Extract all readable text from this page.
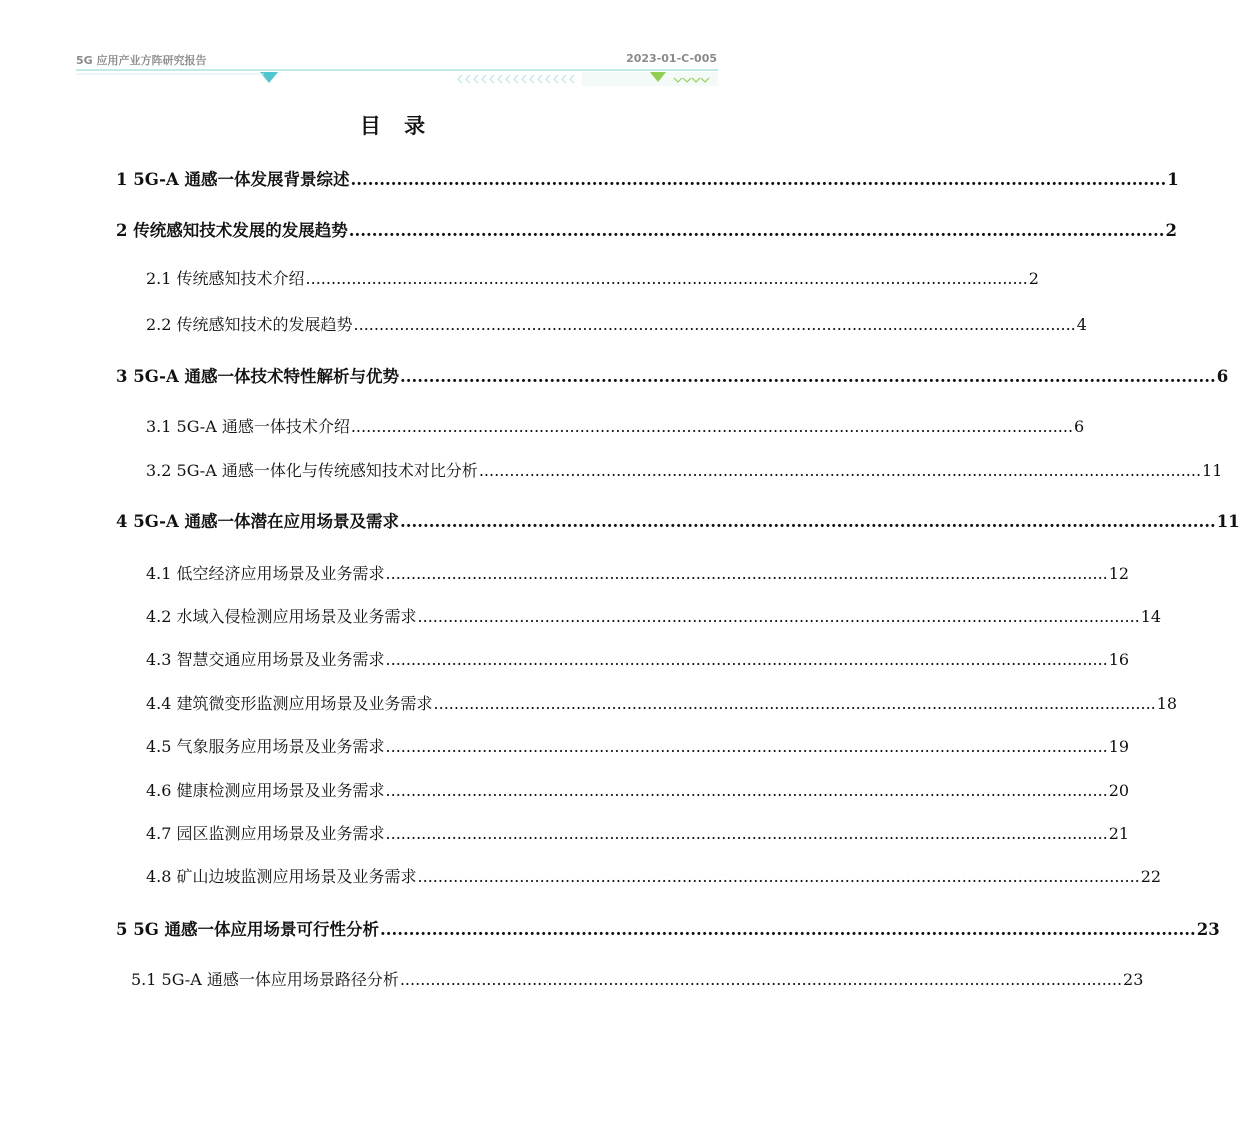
5G 应用产业方阵研究报告	2023-01-C-005
目 录
1 5G-A 通感一体发展背景综述 .............................................................................................................................................. 1
2 传统感知技术发展的发展趋势 .............................................................................................................................................. 2
2.1 传统感知技术介绍 .............................................................................................................................................. 2
2.2 传统感知技术的发展趋势 .............................................................................................................................................. 4
3 5G-A 通感一体技术特性解析与优势 .............................................................................................................................................. 6
3.1 5G-A 通感一体技术介绍 .............................................................................................................................................. 6
3.2 5G-A 通感一体化与传统感知技术对比分析 .............................................................................................................................................. 11
4 5G-A 通感一体潜在应用场景及需求 .............................................................................................................................................. 11
4.1 低空经济应用场景及业务需求 .............................................................................................................................................. 12
4.2 水域入侵检测应用场景及业务需求 .............................................................................................................................................. 14
4.3 智慧交通应用场景及业务需求 .............................................................................................................................................. 16
4.4 建筑微变形监测应用场景及业务需求 .............................................................................................................................................. 18
4.5 气象服务应用场景及业务需求 .............................................................................................................................................. 19
4.6 健康检测应用场景及业务需求 .............................................................................................................................................. 20
4.7 园区监测应用场景及业务需求 .............................................................................................................................................. 21
4.8 矿山边坡监测应用场景及业务需求 .............................................................................................................................................. 22
5 5G 通感一体应用场景可行性分析 .............................................................................................................................................. 23
5.1 5G-A 通感一体应用场景路径分析 .............................................................................................................................................. 23
